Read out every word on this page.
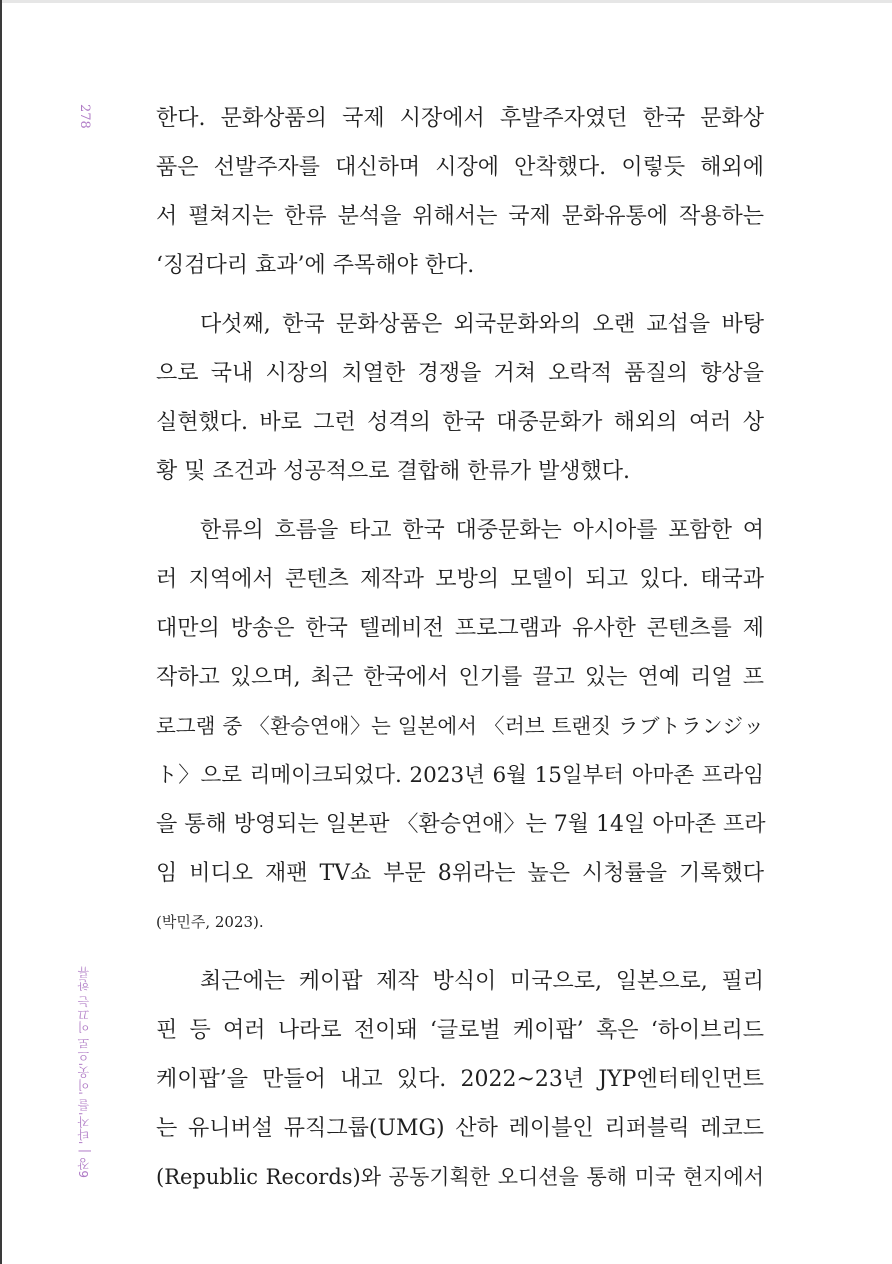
278
6장 | '타자'를 '이웃'으로 이끄는 한류
한다. 문화상품의 국제 시장에서 후발주자였던 한국 문화상
품은 선발주자를 대신하며 시장에 안착했다. 이렇듯 해외에
서 펼쳐지는 한류 분석을 위해서는 국제 문화유통에 작용하는
‘징검다리 효과’에 주목해야 한다.
다섯째, 한국 문화상품은 외국문화와의 오랜 교섭을 바탕
으로 국내 시장의 치열한 경쟁을 거쳐 오락적 품질의 향상을
실현했다. 바로 그런 성격의 한국 대중문화가 해외의 여러 상
황 및 조건과 성공적으로 결합해 한류가 발생했다.
한류의 흐름을 타고 한국 대중문화는 아시아를 포함한 여
러 지역에서 콘텐츠 제작과 모방의 모델이 되고 있다. 태국과
대만의 방송은 한국 텔레비전 프로그램과 유사한 콘텐츠를 제
작하고 있으며, 최근 한국에서 인기를 끌고 있는 연예 리얼 프
로그램 중 〈환승연애〉는 일본에서 〈러브 트랜짓 ラブトランジッ
ト〉으로 리메이크되었다. 2023년 6월 15일부터 아마존 프라임
을 통해 방영되는 일본판 〈환승연애〉는 7월 14일 아마존 프라
임 비디오 재팬 TV쇼 부문 8위라는 높은 시청률을 기록했다
(박민주, 2023).
최근에는 케이팝 제작 방식이 미국으로, 일본으로, 필리
핀 등 여러 나라로 전이돼 ‘글로벌 케이팝’ 혹은 ‘하이브리드
케이팝’을 만들어 내고 있다. 2022~23년 JYP엔터테인먼트
는 유니버설 뮤직그룹(UMG) 산하 레이블인 리퍼블릭 레코드
(Republic Records)와 공동기획한 오디션을 통해 미국 현지에서
